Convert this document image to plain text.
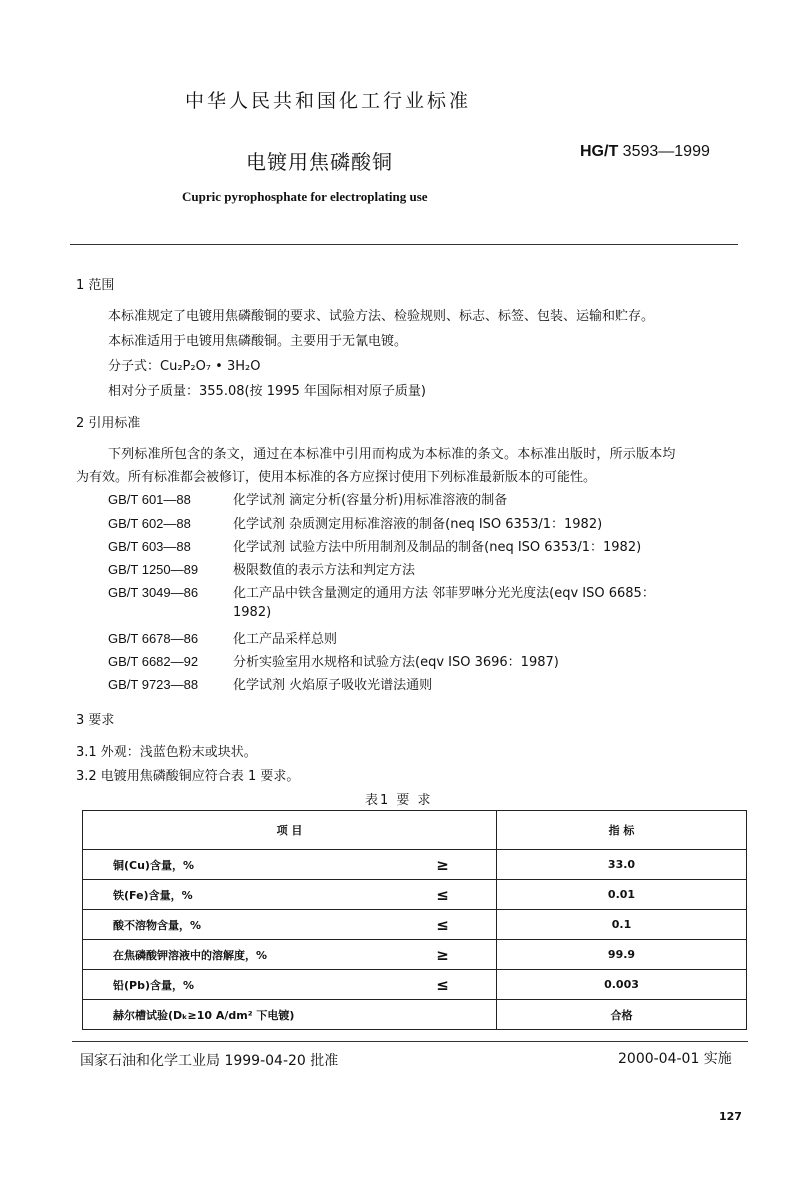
中华人民共和国化工行业标准
电镀用焦磷酸铜	HG/T 3593—1999
Cupric pyrophosphate for electroplating use
1 范围
本标准规定了电镀用焦磷酸铜的要求、试验方法、检验规则、标志、标签、包装、运输和贮存。
本标准适用于电镀用焦磷酸铜。主要用于无氰电镀。
分子式：Cu₂P₂O₇ • 3H₂O
相对分子质量：355.08(按 1995 年国际相对原子质量)
2 引用标准
下列标准所包含的条文，通过在本标准中引用而构成为本标准的条文。本标准出版时，所示版本均
为有效。所有标准都会被修订，使用本标准的各方应探讨使用下列标准最新版本的可能性。
GB/T 601—88	化学试剂 滴定分析(容量分析)用标准溶液的制备
GB/T 602—88	化学试剂 杂质测定用标准溶液的制备(neq ISO 6353/1：1982)
GB/T 603—88	化学试剂 试验方法中所用制剂及制品的制备(neq ISO 6353/1：1982)
GB/T 1250—89	极限数值的表示方法和判定方法
GB/T 3049—86	化工产品中铁含量测定的通用方法 邻菲罗啉分光光度法(eqv ISO 6685：
1982)
GB/T 6678—86	化工产品采样总则
GB/T 6682—92	分析实验室用水规格和试验方法(eqv ISO 3696：1987)
GB/T 9723—88	化学试剂 火焰原子吸收光谱法通则
3 要求
3.1 外观：浅蓝色粉末或块状。
3.2 电镀用焦磷酸铜应符合表 1 要求。
表1 要 求
项 目		指 标
铜(Cu)含量，%	≥	33.0
铁(Fe)含量，%	≤	0.01
酸不溶物含量，%	≤	0.1
在焦磷酸钾溶液中的溶解度，%	≥	99.9
铅(Pb)含量，%	≤	0.003
赫尔槽试验(Dₖ≥10 A/dm² 下电镀)		合格
国家石油和化学工业局 1999-04-20 批准	2000-04-01 实施
127
